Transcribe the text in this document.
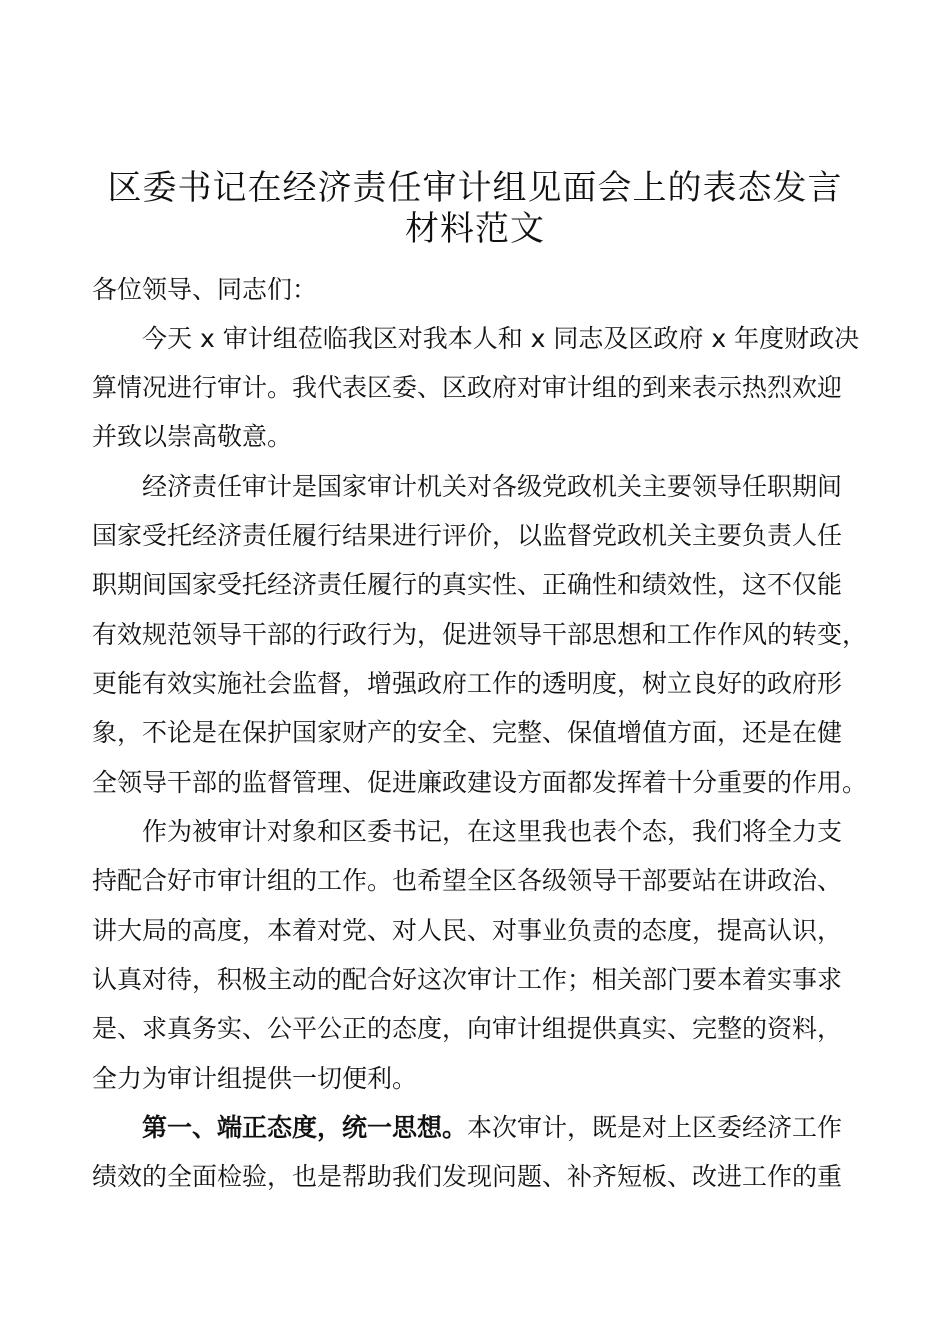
区委书记在经济责任审计组见面会上的表态发言
材料范文

各位领导、同志们：

今天 x 审计组莅临我区对我本人和 x 同志及区政府 x 年度财政决

算情况进行审计。我代表区委、区政府对审计组的到来表示热烈欢迎

并致以崇高敬意。

经济责任审计是国家审计机关对各级党政机关主要领导任职期间

国家受托经济责任履行结果进行评价，以监督党政机关主要负责人任

职期间国家受托经济责任履行的真实性、正确性和绩效性，这不仅能

有效规范领导干部的行政行为，促进领导干部思想和工作作风的转变，

更能有效实施社会监督，增强政府工作的透明度，树立良好的政府形

象，不论是在保护国家财产的安全、完整、保值增值方面，还是在健

全领导干部的监督管理、促进廉政建设方面都发挥着十分重要的作用。

作为被审计对象和区委书记，在这里我也表个态，我们将全力支

持配合好市审计组的工作。也希望全区各级领导干部要站在讲政治、

讲大局的高度，本着对党、对人民、对事业负责的态度，提高认识，

认真对待，积极主动的配合好这次审计工作；相关部门要本着实事求

是、求真务实、公平公正的态度，向审计组提供真实、完整的资料，

全力为审计组提供一切便利。

第一、端正态度，统一思想。本次审计，既是对上区委经济工作

绩效的全面检验，也是帮助我们发现问题、补齐短板、改进工作的重
